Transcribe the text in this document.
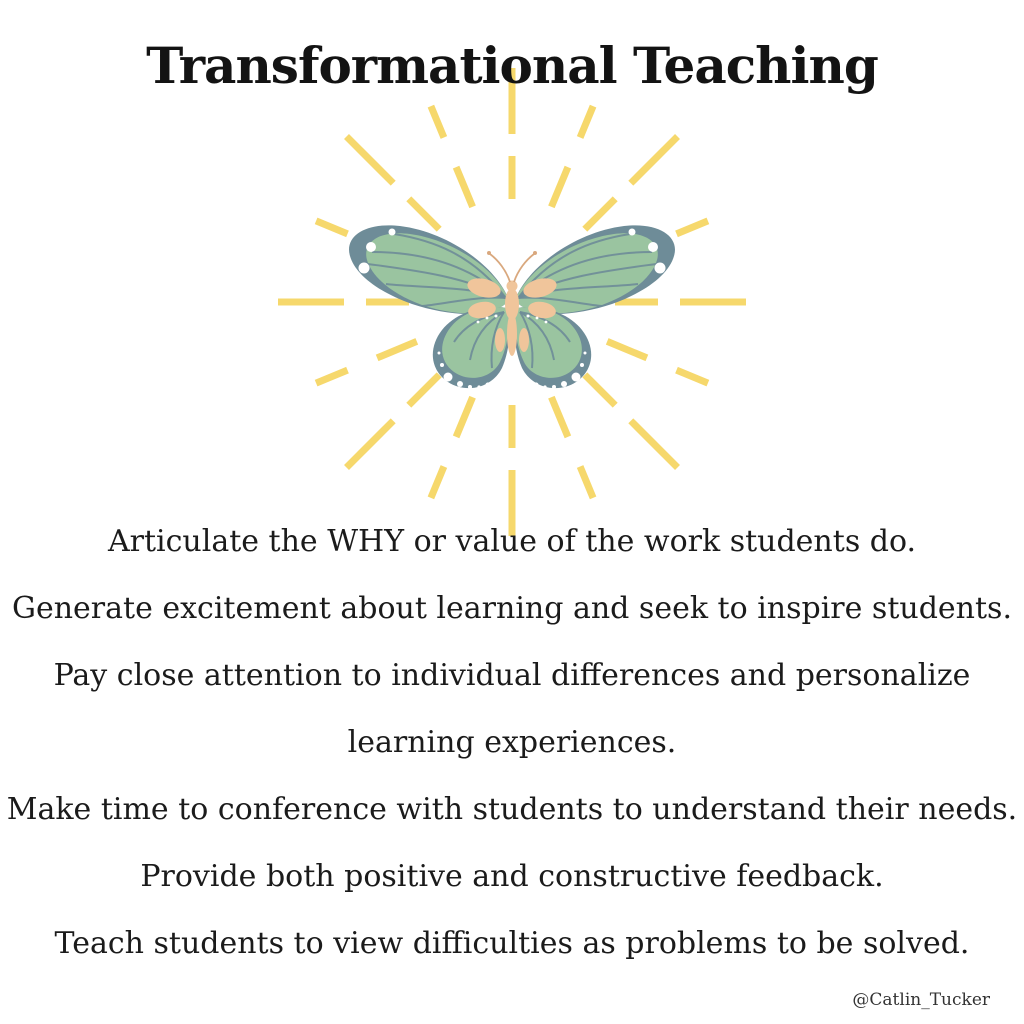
Transformational Teaching
Articulate the WHY or value of the work students do.
Generate excitement about learning and seek to inspire students.
Pay close attention to individual differences and personalize
learning experiences.
Make time to conference with students to understand their needs.
Provide both positive and constructive feedback.
Teach students to view difficulties as problems to be solved.
@Catlin_Tucker
